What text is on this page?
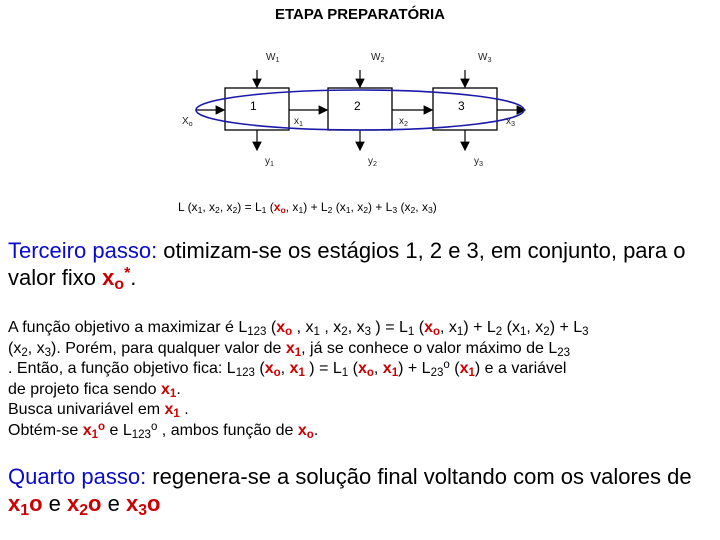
ETAPA PREPARATÓRIA
$W_1$	$W_2$	$W_3$
1	2	3
$X_o$	$x_1$	$x_2$	$x_3$
$y_1$	$y_2$	$y_3$
L ($x_1$, $x_2$, $x_2) = L_1$ ($x_o$, $x_1) + L_2$ ($x_1$, $x_2) + L_3$ ($x_2$, $x_3$)
Terceiro passo: otimizam-se os estágios 1, 2 e 3, em conjunto, para o valor fixo $x_o^*$.
A função objetivo a maximizar é $L_{123}$ ($x_o$ , $x_1$ , $x_2$, $x_3$ ) = $L_1$ ($x_o$, $x_1) + L_2$ ($x_1$, $x_2) + L_3$
($x_2$, $x_3$). Porém, para qualquer valor de $x_1$, já se conhece o valor máximo de $L_{23}$
. Então, a função objetivo fica: $L_{123}$ ($x_o$, $x_1$ ) = $L_1$ ($x_o$, $x_1) + L_{23}^o$ $(x_1)$ e a variável
de projeto fica sendo $x_1$.
Busca univariável em $x_1$ .
Obtém-se $x_1^o$ e $L_{123}^o$ , ambos função de $x_o$.
Quarto passo: regenera-se a solução final voltando com os valores de $x_1o$ e $x_2o$ e $x_3o$
